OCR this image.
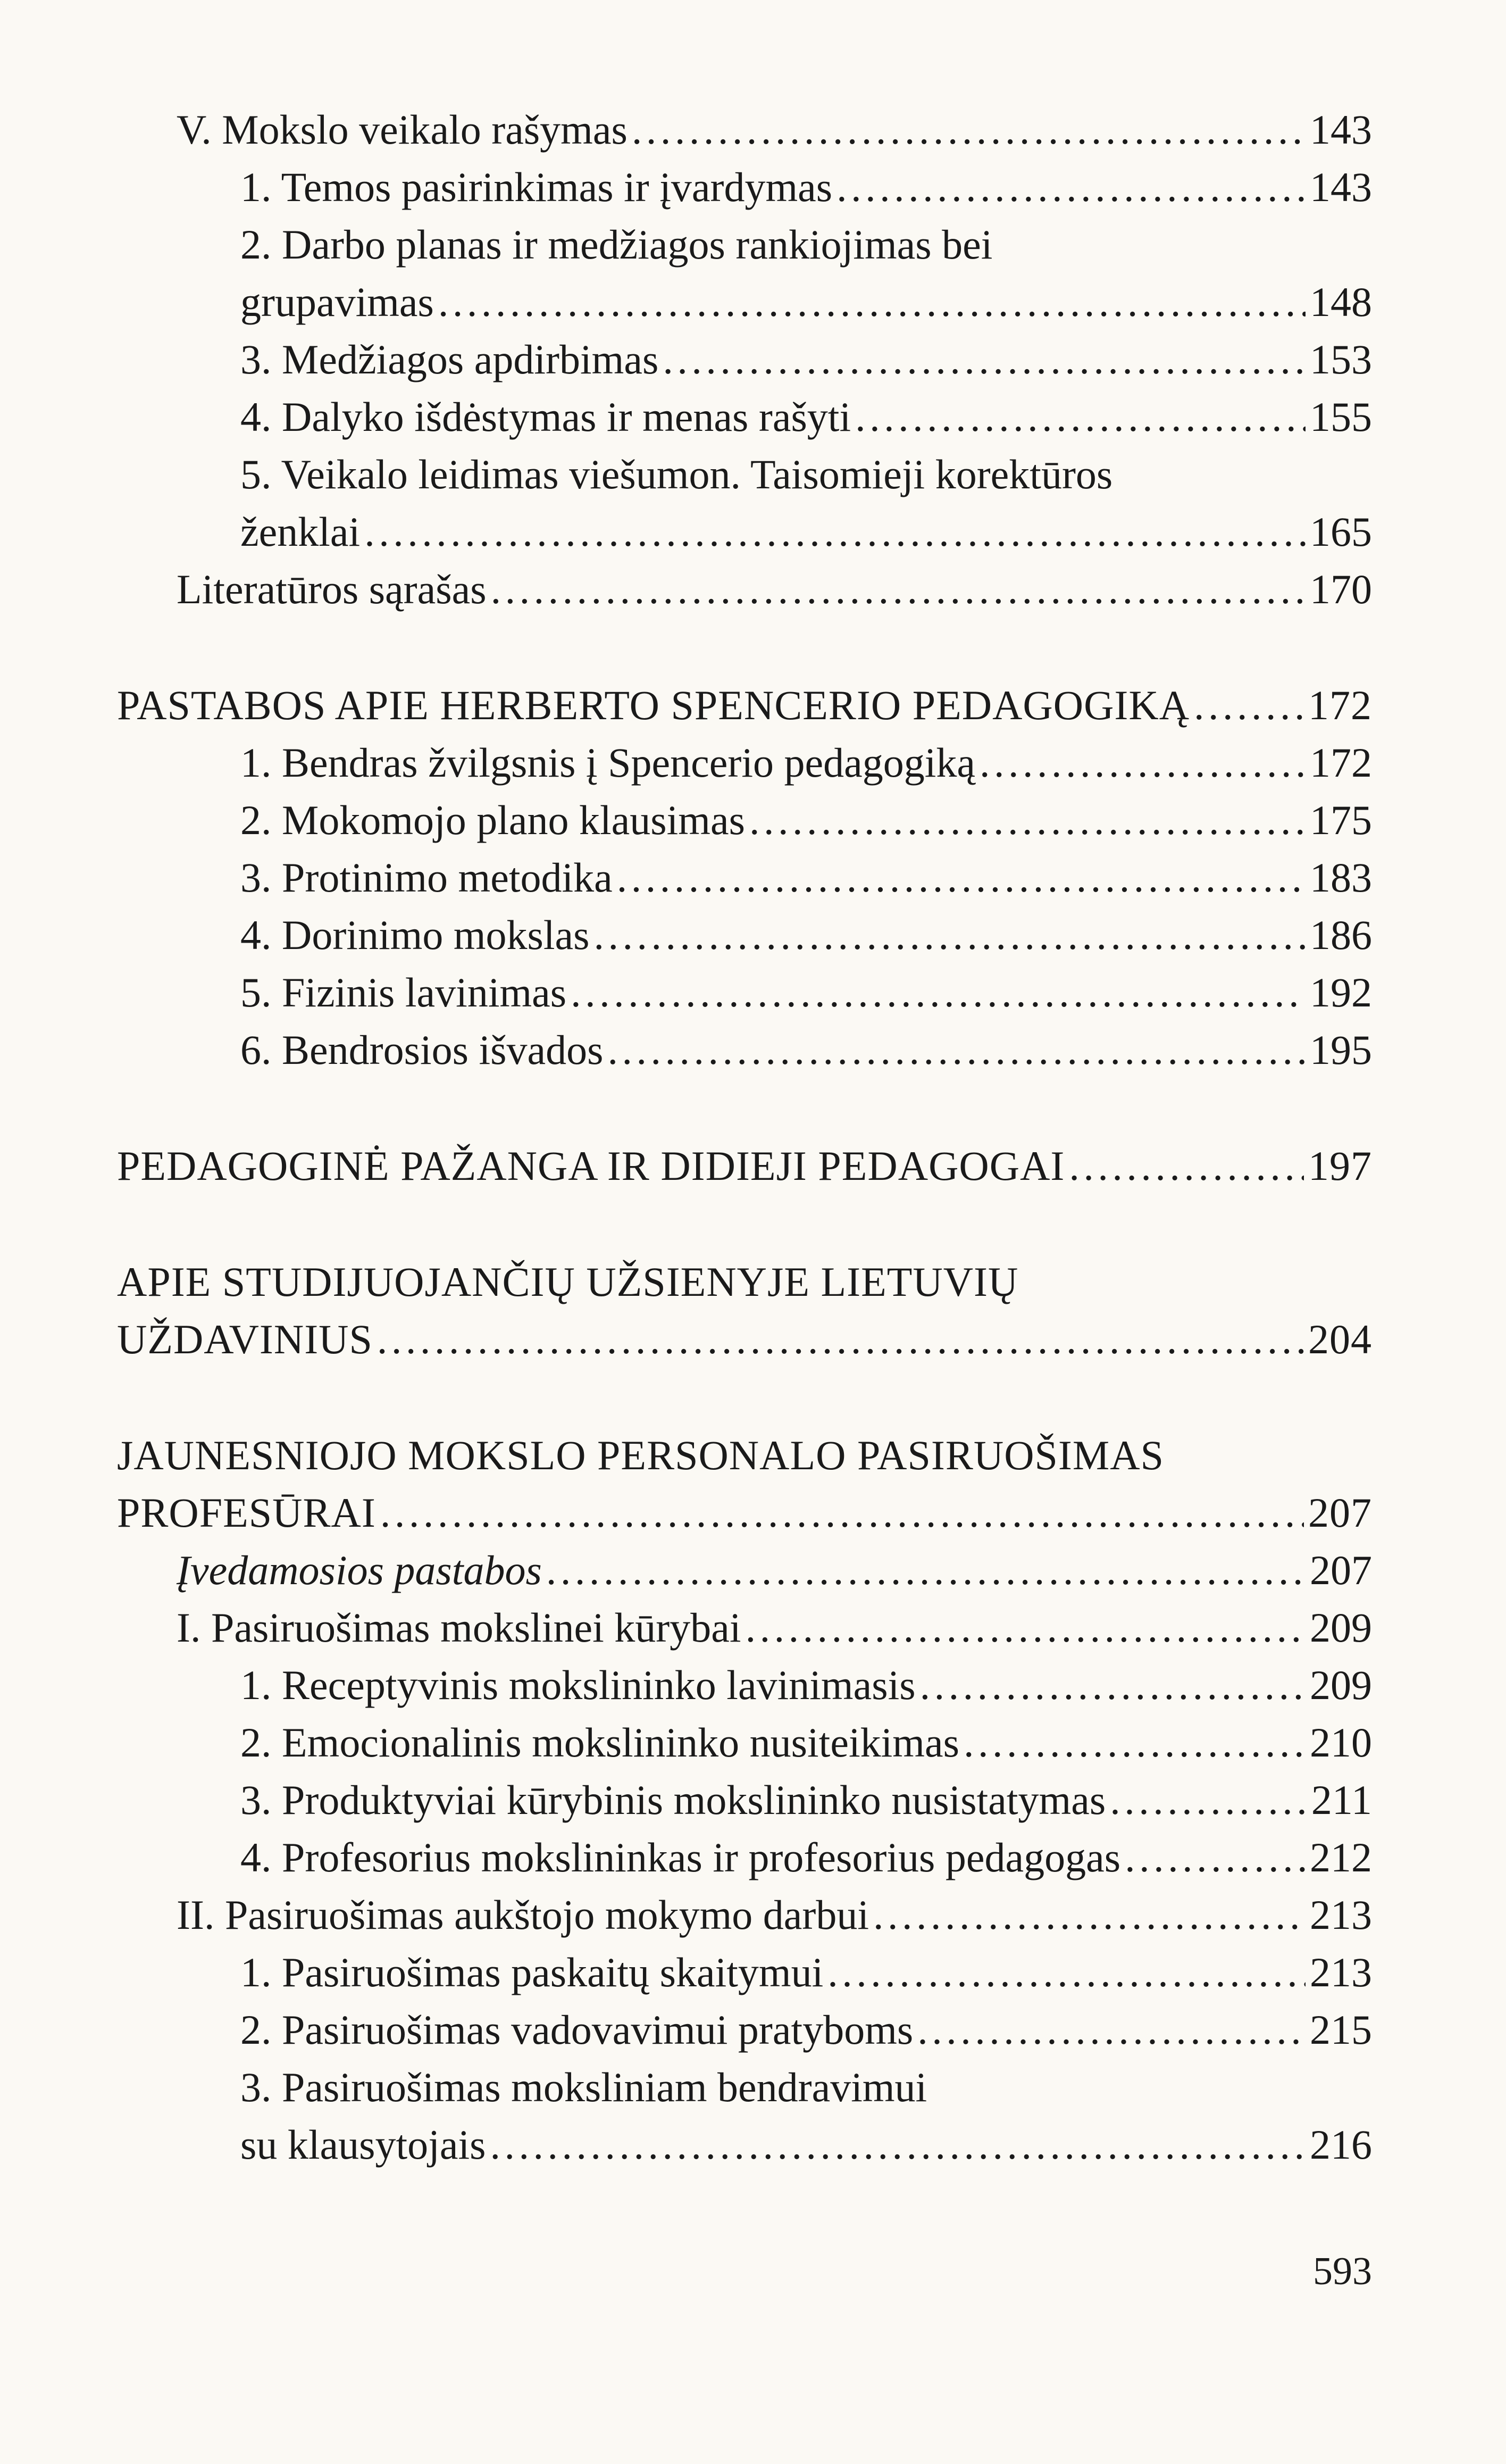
V. Mokslo veikalo rašymas . . .	143
1. Temos pasirinkimas ir įvardymas . . .	143
2. Darbo planas ir medžiagos rankiojimas bei
grupavimas . . .	148
3. Medžiagos apdirbimas . . .	153
4. Dalyko išdėstymas ir menas rašyti . . .	155
5. Veikalo leidimas viešumon. Taisomieji korektūros
ženklai . . .	165
Literatūros sąrašas . . .	170
PASTABOS APIE HERBERTO SPENCERIO PEDAGOGIKĄ . . .	172
1. Bendras žvilgsnis į Spencerio pedagogiką . . .	172
2. Mokomojo plano klausimas . . .	175
3. Protinimo metodika . . .	183
4. Dorinimo mokslas . . .	186
5. Fizinis lavinimas . . .	192
6. Bendrosios išvados . . .	195
PEDAGOGINĖ PAŽANGA IR DIDIEJI PEDAGOGAI . . .	197
APIE STUDIJUOJANČIŲ UŽSIENYJE LIETUVIŲ
UŽDAVINIUS . . .	204
JAUNESNIOJO MOKSLO PERSONALO PASIRUOŠIMAS
PROFESŪRAI . . .	207
Įvedamosios pastabos . . .	207
I. Pasiruošimas mokslinei kūrybai . . .	209
1. Receptyvinis mokslininko lavinimasis . . .	209
2. Emocionalinis mokslininko nusiteikimas . . .	210
3. Produktyviai kūrybinis mokslininko nusistatymas . . .	211
4. Profesorius mokslininkas ir profesorius pedagogas . . .	212
II. Pasiruošimas aukštojo mokymo darbui . . .	213
1. Pasiruošimas paskaitų skaitymui . . .	213
2. Pasiruošimas vadovavimui pratyboms . . .	215
3. Pasiruošimas moksliniam bendravimui
su klausytojais . . .	216
593
